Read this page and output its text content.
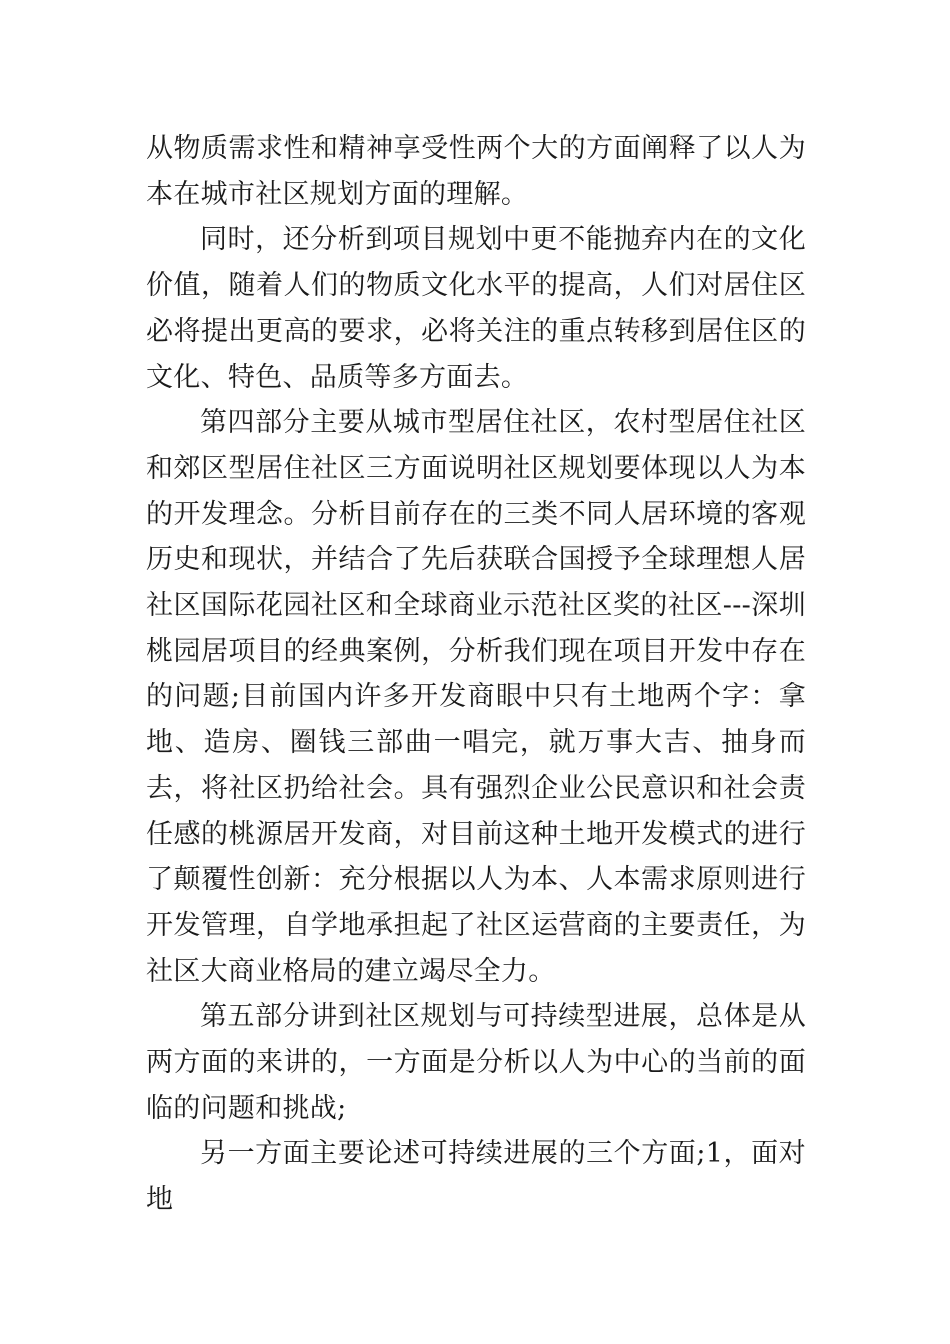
从物质需求性和精神享受性两个大的方面阐释了以人为本在城市社区规划方面的理解。

同时，还分析到项目规划中更不能抛弃内在的文化价值，随着人们的物质文化水平的提高，人们对居住区必将提出更高的要求，必将关注的重点转移到居住区的文化、特色、品质等多方面去。

第四部分主要从城市型居住社区，农村型居住社区和郊区型居住社区三方面说明社区规划要体现以人为本的开发理念。分析目前存在的三类不同人居环境的客观历史和现状，并结合了先后获联合国授予全球理想人居社区国际花园社区和全球商业示范社区奖的社区---深圳桃园居项目的经典案例，分析我们现在项目开发中存在的问题;目前国内许多开发商眼中只有土地两个字：拿地、造房、圈钱三部曲一唱完，就万事大吉、抽身而去，将社区扔给社会。具有强烈企业公民意识和社会责任感的桃源居开发商，对目前这种土地开发模式的进行了颠覆性创新：充分根据以人为本、人本需求原则进行开发管理，自学地承担起了社区运营商的主要责任，为社区大商业格局的建立竭尽全力。

第五部分讲到社区规划与可持续型进展，总体是从两方面的来讲的，一方面是分析以人为中心的当前的面临的问题和挑战;

另一方面主要论述可持续进展的三个方面;1，面对地
